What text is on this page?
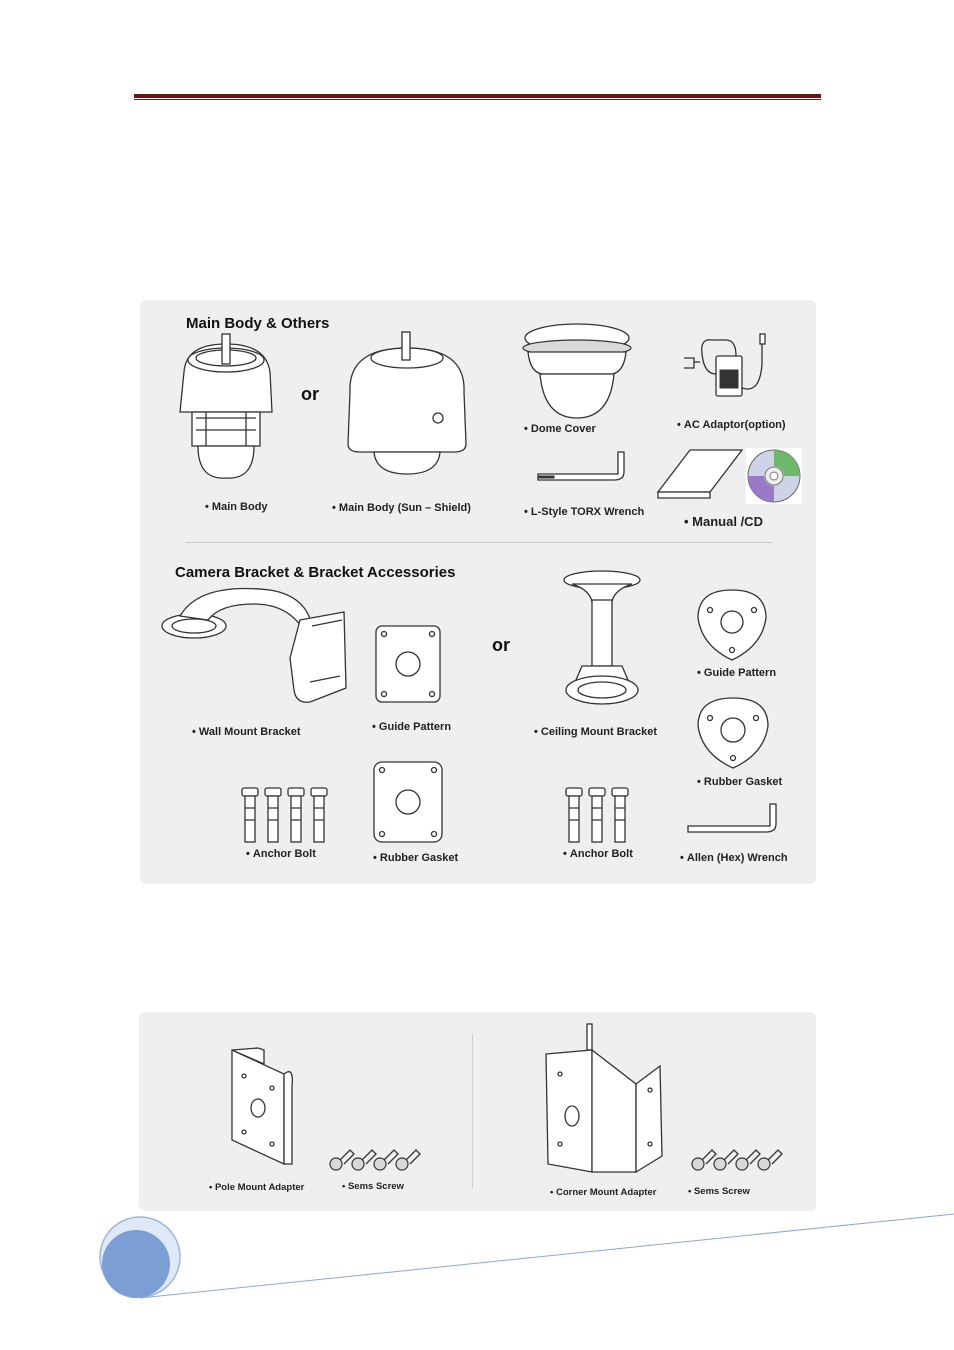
Main Body & Others
or
• Main Body	• Main Body (Sun – Shield)
• Dome Cover	• AC Adaptor(option)
• L-Style TORX Wrench
• Manual /CD
Camera Bracket & Bracket Accessories
• Wall Mount Bracket	• Guide Pattern
or
• Ceiling Mount Bracket
• Guide Pattern
• Rubber Gasket
• Anchor Bolt	• Rubber Gasket	• Anchor Bolt	• Allen (Hex) Wrench
• Pole Mount Adapter	• Sems Screw
• Corner Mount Adapter	• Sems Screw
